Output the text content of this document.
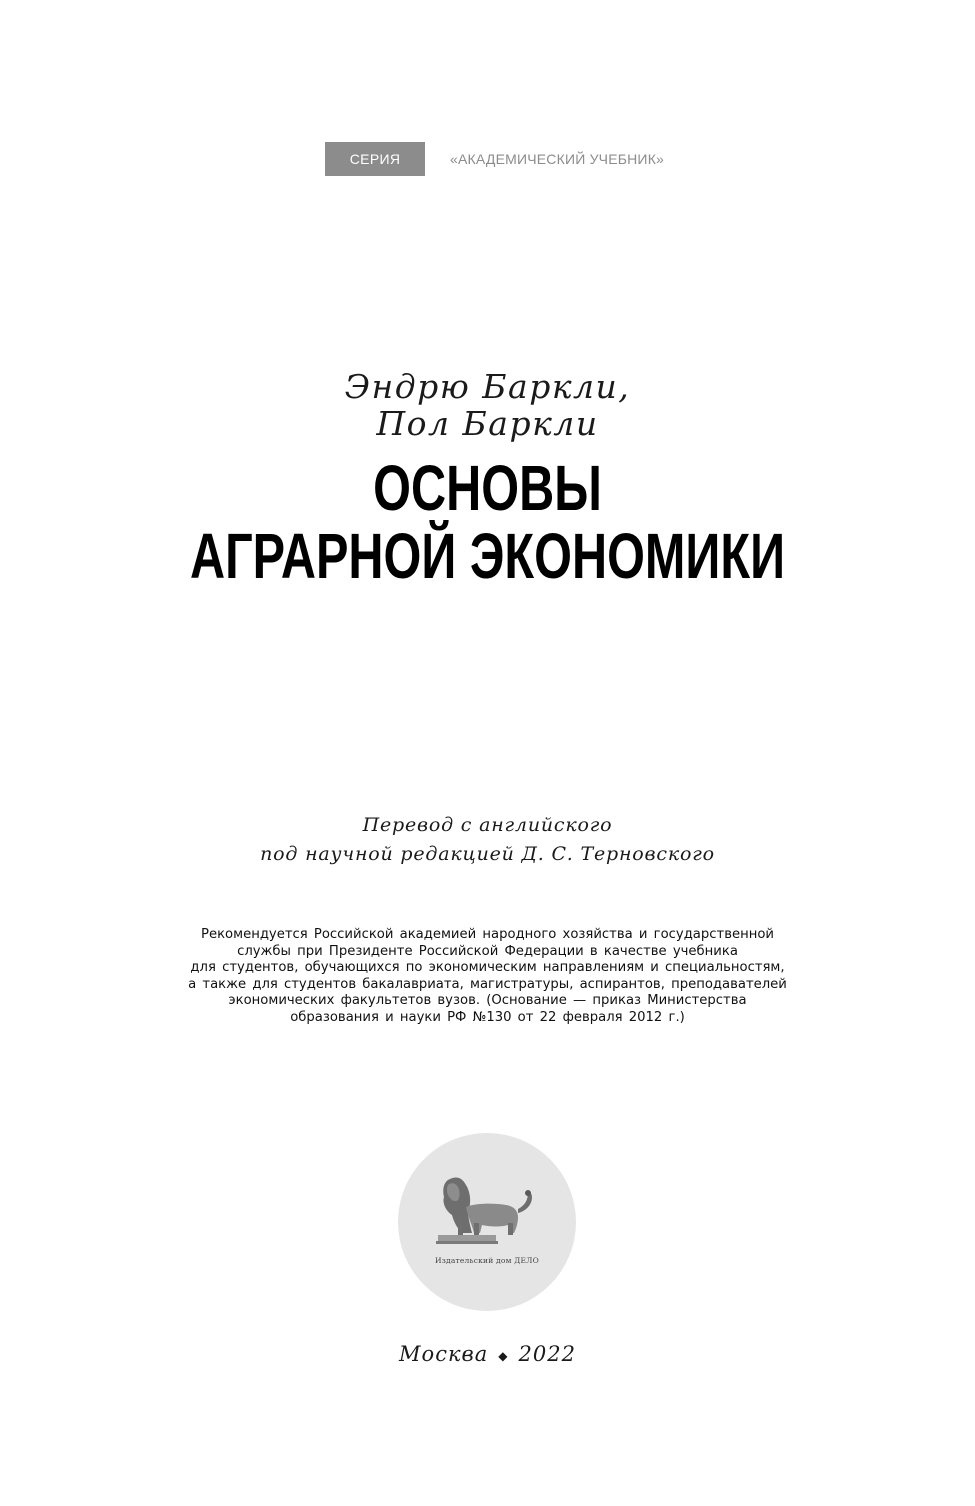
СЕРИЯ	«АКАДЕМИЧЕСКИЙ УЧЕБНИК»
Эндрю Баркли,
Пол Баркли
ОСНОВЫ
АГРАРНОЙ ЭКОНОМИКИ
Перевод с английского
под научной редакцией Д. С. Терновского
Рекомендуется Российской академией народного хозяйства и государственной
службы при Президенте Российской Федерации в качестве учебника
для студентов, обучающихся по экономическим направлениям и специальностям,
а также для студентов бакалавриата, магистратуры, аспирантов, преподавателей
экономических факультетов вузов. (Основание — приказ Министерства
образования и науки РФ №130 от 22 февраля 2012 г.)
Издательский дом ДЕЛО
Москва ◆ 2022
